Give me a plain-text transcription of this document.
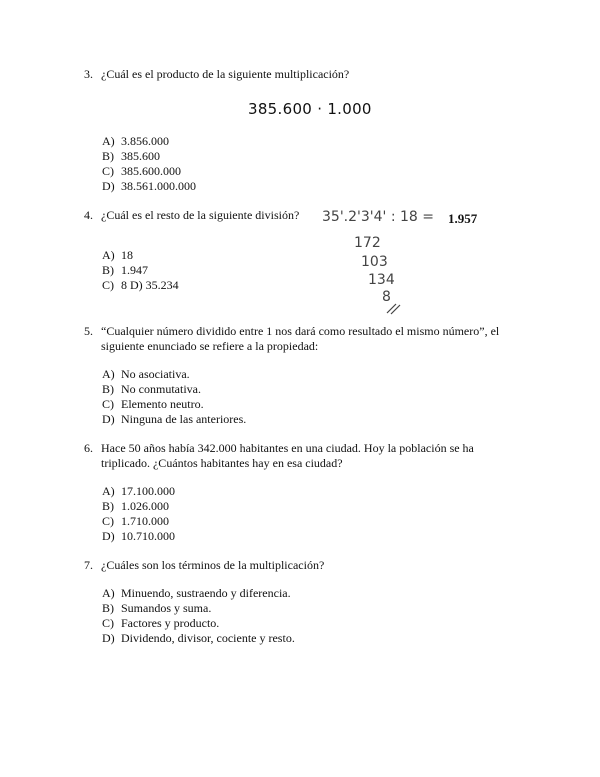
3. ¿Cuál es el producto de la siguiente multiplicación?
385.600 · 1.000
A) 3.856.000
B) 385.600
C) 385.600.000
D) 38.561.000.000
4. ¿Cuál es el resto de la siguiente división?	35'.2'3'4' : 18 = 1.957
172
103
134
8
A) 18
B) 1.947
C) 8 D) 35.234
5. “Cualquier número dividido entre 1 nos dará como resultado el mismo número”, el siguiente enunciado se refiere a la propiedad:
A) No asociativa.
B) No conmutativa.
C) Elemento neutro.
D) Ninguna de las anteriores.
6. Hace 50 años había 342.000 habitantes en una ciudad. Hoy la población se ha triplicado. ¿Cuántos habitantes hay en esa ciudad?
A) 17.100.000
B) 1.026.000
C) 1.710.000
D) 10.710.000
7. ¿Cuáles son los términos de la multiplicación?
A) Minuendo, sustraendo y diferencia.
B) Sumandos y suma.
C) Factores y producto.
D) Dividendo, divisor, cociente y resto.
